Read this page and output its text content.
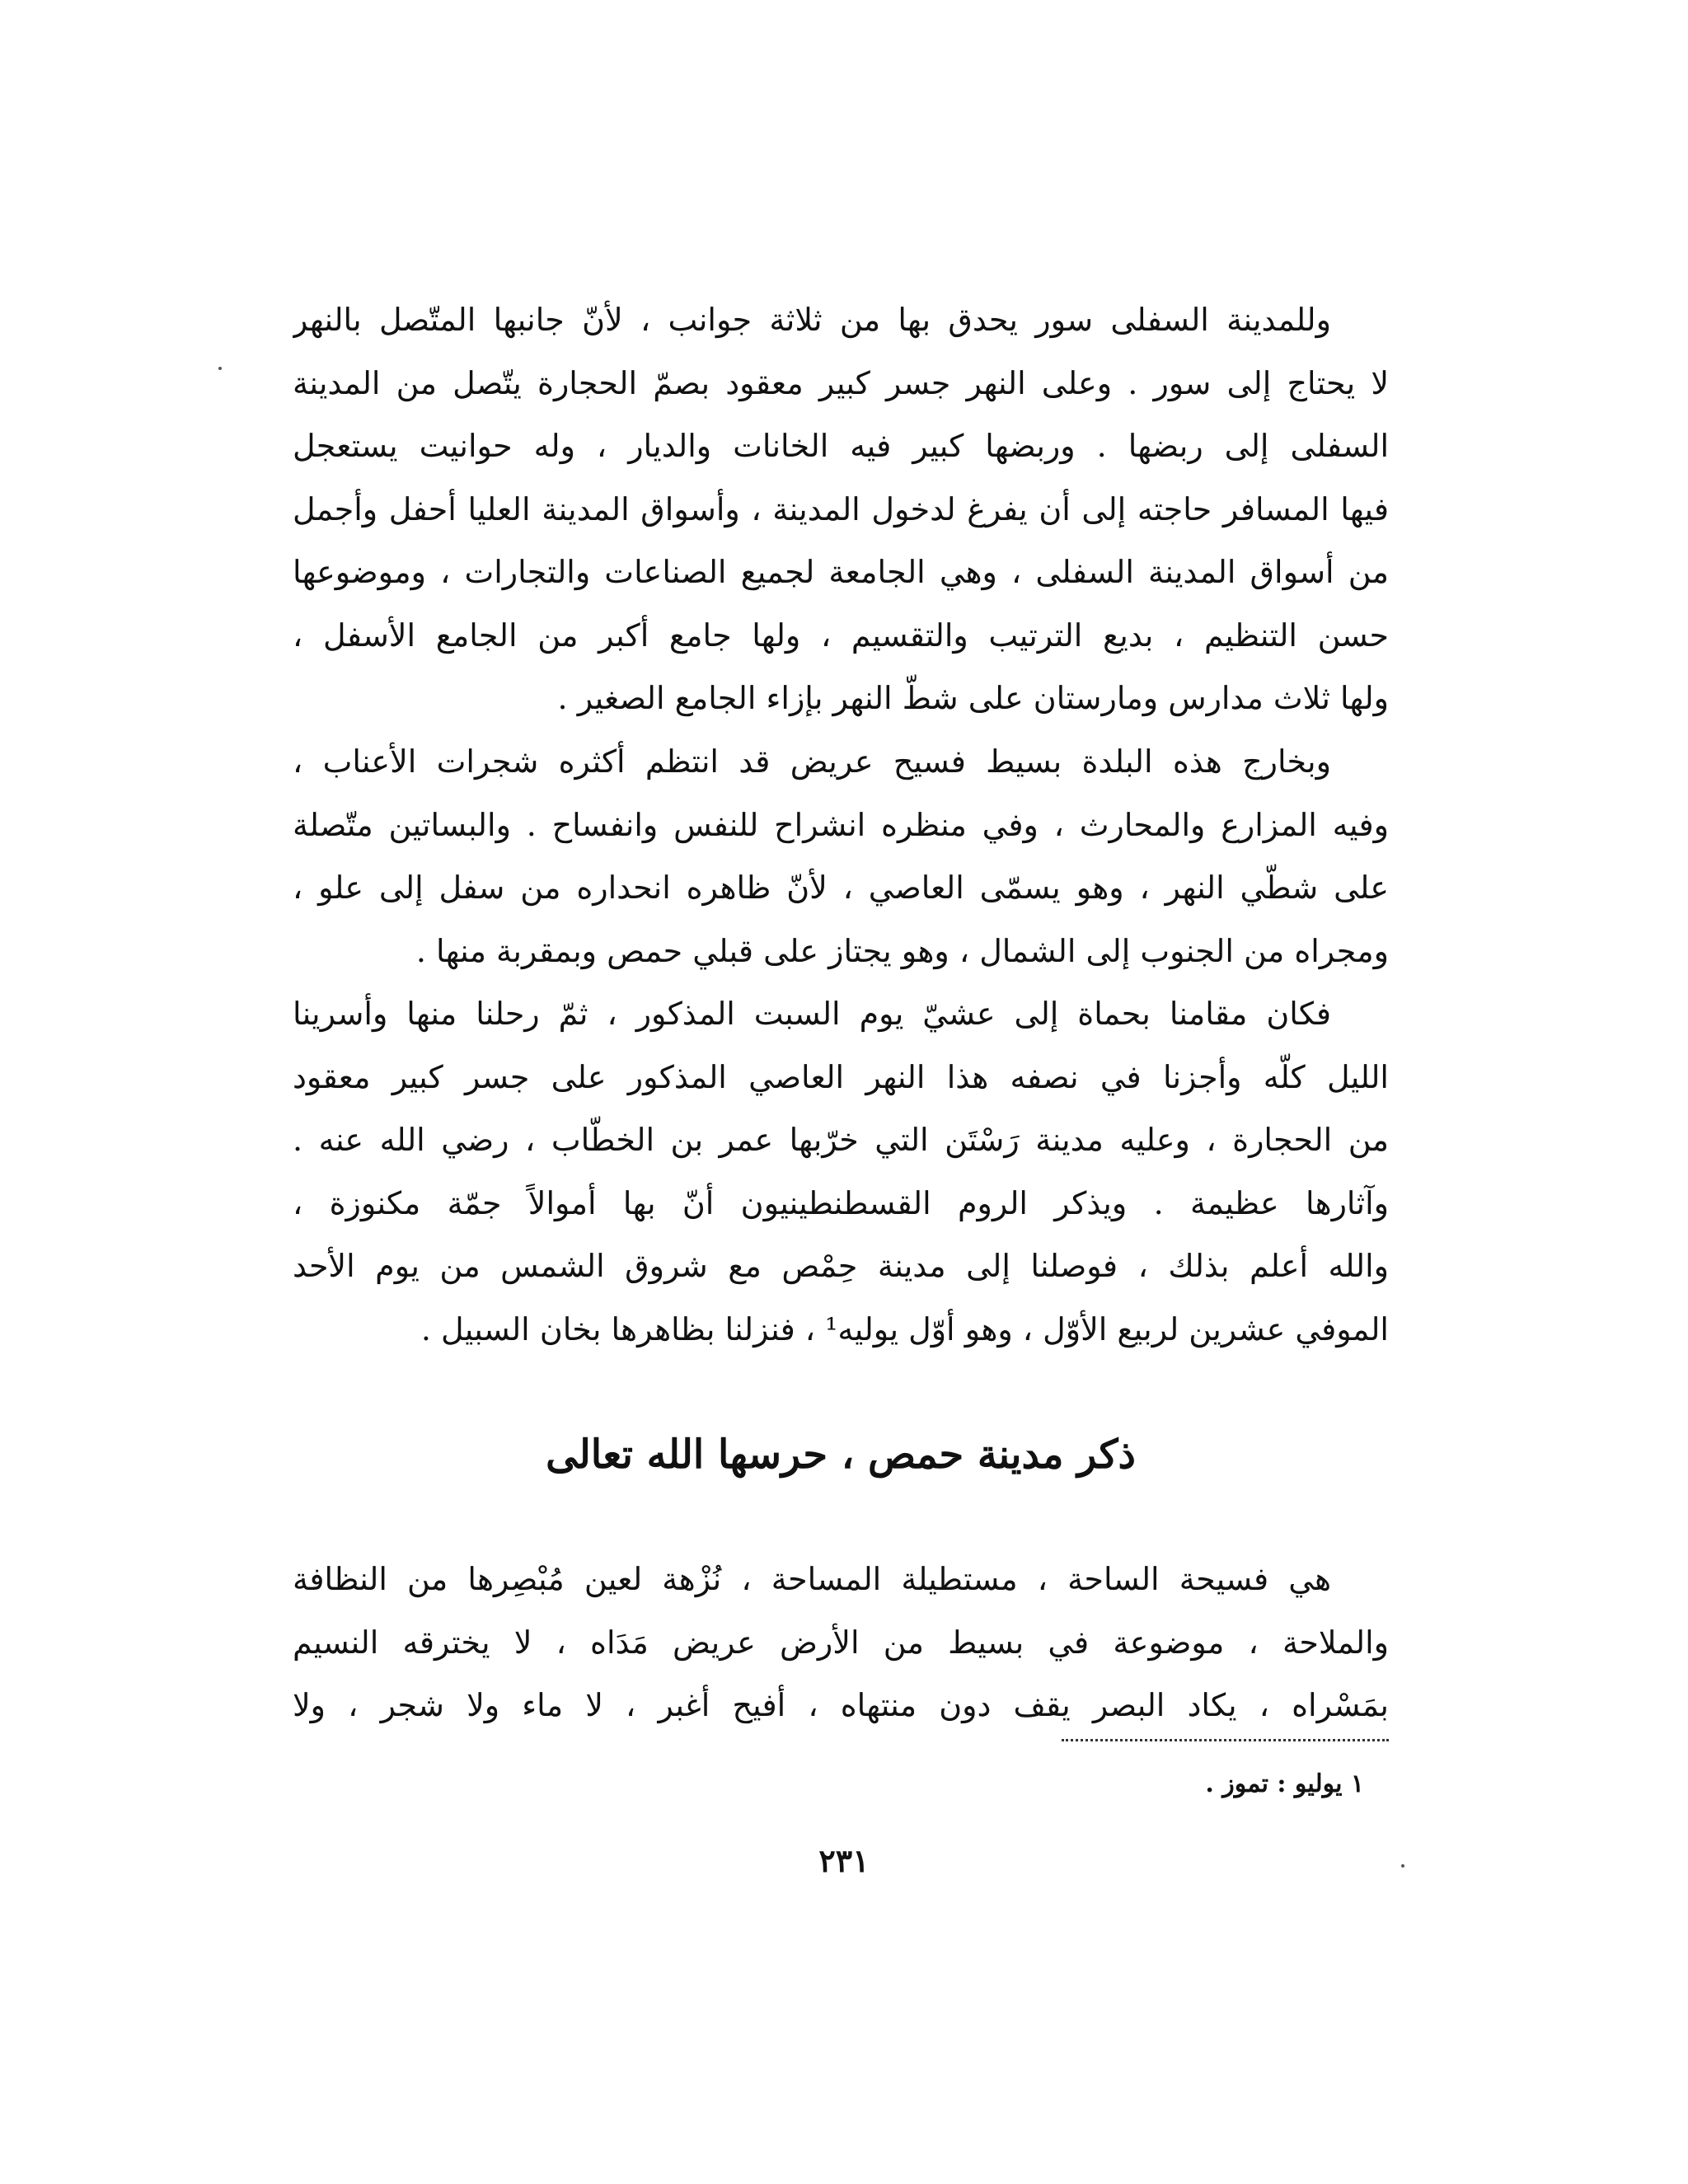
وللمدينة السفلى سور يحدق بها من ثلاثة جوانب ، لأنّ جانبها المتّصل بالنهر
لا يحتاج إلى سور . وعلى النهر جسر كبير معقود بصمّ الحجارة يتّصل من المدينة
السفلى إلى ربضها . وربضها كبير فيه الخانات والديار ، وله حوانيت يستعجل
فيها المسافر حاجته إلى أن يفرغ لدخول المدينة ، وأسواق المدينة العليا أحفل وأجمل
من أسواق المدينة السفلى ، وهي الجامعة لجميع الصناعات والتجارات ، وموضوعها
حسن التنظيم ، بديع الترتيب والتقسيم ، ولها جامع أكبر من الجامع الأسفل ،
ولها ثلاث مدارس ومارستان على شطّ النهر بإزاء الجامع الصغير .

وبخارج هذه البلدة بسيط فسيح عريض قد انتظم أكثره شجرات الأعناب ،
وفيه المزارع والمحارث ، وفي منظره انشراح للنفس وانفساح . والبساتين متّصلة
على شطّي النهر ، وهو يسمّى العاصي ، لأنّ ظاهره انحداره من سفل إلى علو ،
ومجراه من الجنوب إلى الشمال ، وهو يجتاز على قبلي حمص وبمقربة منها .

فكان مقامنا بحماة إلى عشيّ يوم السبت المذكور ، ثمّ رحلنا منها وأسرينا
الليل كلّه وأجزنا في نصفه هذا النهر العاصي المذكور على جسر كبير معقود
من الحجارة ، وعليه مدينة رَسْتَن التي خرّبها عمر بن الخطّاب ، رضي الله عنه .
وآثارها عظيمة . ويذكر الروم القسطنطينيون أنّ بها أموالاً جمّة مكنوزة ،
والله أعلم بذلك ، فوصلنا إلى مدينة حِمْص مع شروق الشمس من يوم الأحد
الموفي عشرين لربيع الأوّل ، وهو أوّل يوليه¹ ، فنزلنا بظاهرها بخان السبيل .

هي فسيحة الساحة ، مستطيلة المساحة ، نُزْهة لعين مُبْصِرها من النظافة
والملاحة ، موضوعة في بسيط من الأرض عريض مَدَاه ، لا يخترقه النسيم
بمَسْراه ، يكاد البصر يقف دون منتهاه ، أفيح أغبر ، لا ماء ولا شجر ، ولا

ذكر مدينة حمص ، حرسها الله تعالى

١ يوليو : تموز .

٢٣١
